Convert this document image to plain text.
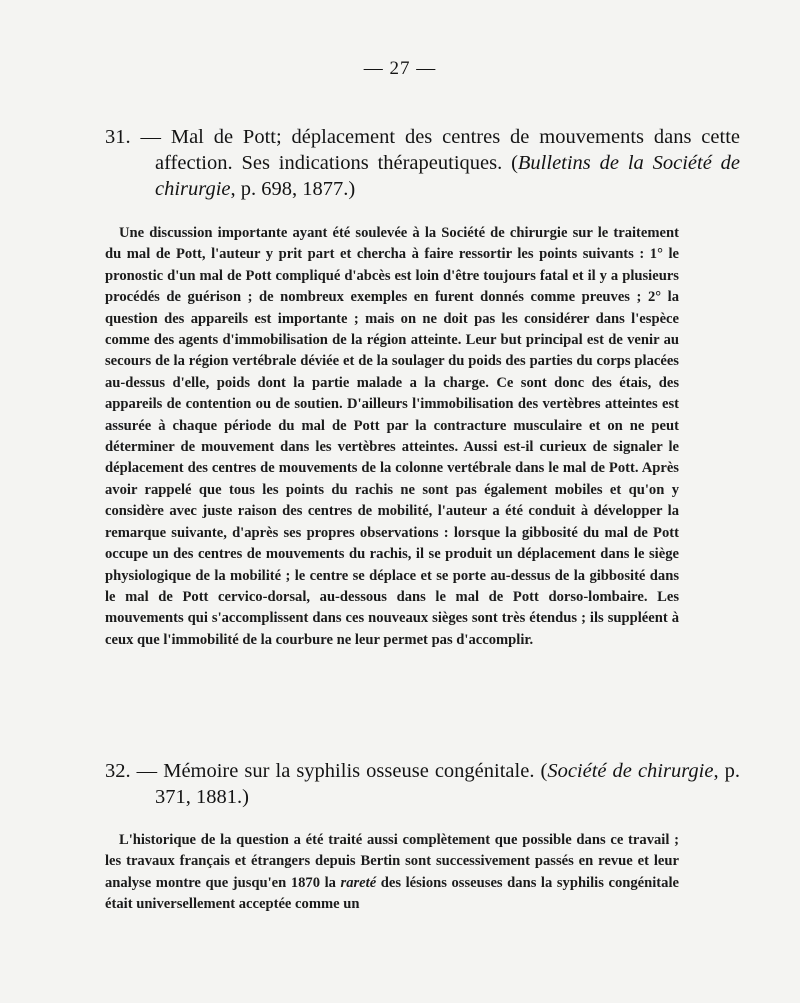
— 27 —
31. — Mal de Pott; déplacement des centres de mouvements dans cette affection. Ses indications thérapeutiques. (Bulletins de la Société de chirurgie, p. 698, 1877.)

Une discussion importante ayant été soulevée à la Société de chirurgie sur le traitement du mal de Pott, l'auteur y prit part et chercha à faire ressortir les points suivants : 1° le pronostic d'un mal de Pott compliqué d'abcès est loin d'être toujours fatal et il y a plusieurs procédés de guérison ; de nombreux exemples en furent donnés comme preuves ; 2° la question des appareils est importante ; mais on ne doit pas les considérer dans l'espèce comme des agents d'immobilisation de la région atteinte. Leur but principal est de venir au secours de la région vertébrale déviée et de la soulager du poids des parties du corps placées au-dessus d'elle, poids dont la partie malade a la charge. Ce sont donc des étais, des appareils de contention ou de soutien. D'ailleurs l'immobilisation des vertèbres atteintes est assurée à chaque période du mal de Pott par la contracture musculaire et on ne peut déterminer de mouvement dans les vertèbres atteintes. Aussi est-il curieux de signaler le déplacement des centres de mouvements de la colonne vertébrale dans le mal de Pott. Après avoir rappelé que tous les points du rachis ne sont pas également mobiles et qu'on y considère avec juste raison des centres de mobilité, l'auteur a été conduit à développer la remarque suivante, d'après ses propres observations : lorsque la gibbosité du mal de Pott occupe un des centres de mouvements du rachis, il se produit un déplacement dans le siège physiologique de la mobilité ; le centre se déplace et se porte au-dessus de la gibbosité dans le mal de Pott cervico-dorsal, au-dessous dans le mal de Pott dorso-lombaire. Les mouvements qui s'accomplissent dans ces nouveaux sièges sont très étendus ; ils suppléent à ceux que l'immobilité de la courbure ne leur permet pas d'accomplir.

32. — Mémoire sur la syphilis osseuse congénitale. (Société de chirurgie, p. 371, 1881.)

L'historique de la question a été traité aussi complètement que possible dans ce travail ; les travaux français et étrangers depuis Bertin sont successivement passés en revue et leur analyse montre que jusqu'en 1870 la rareté des lésions osseuses dans la syphilis congénitale était universellement acceptée comme un
